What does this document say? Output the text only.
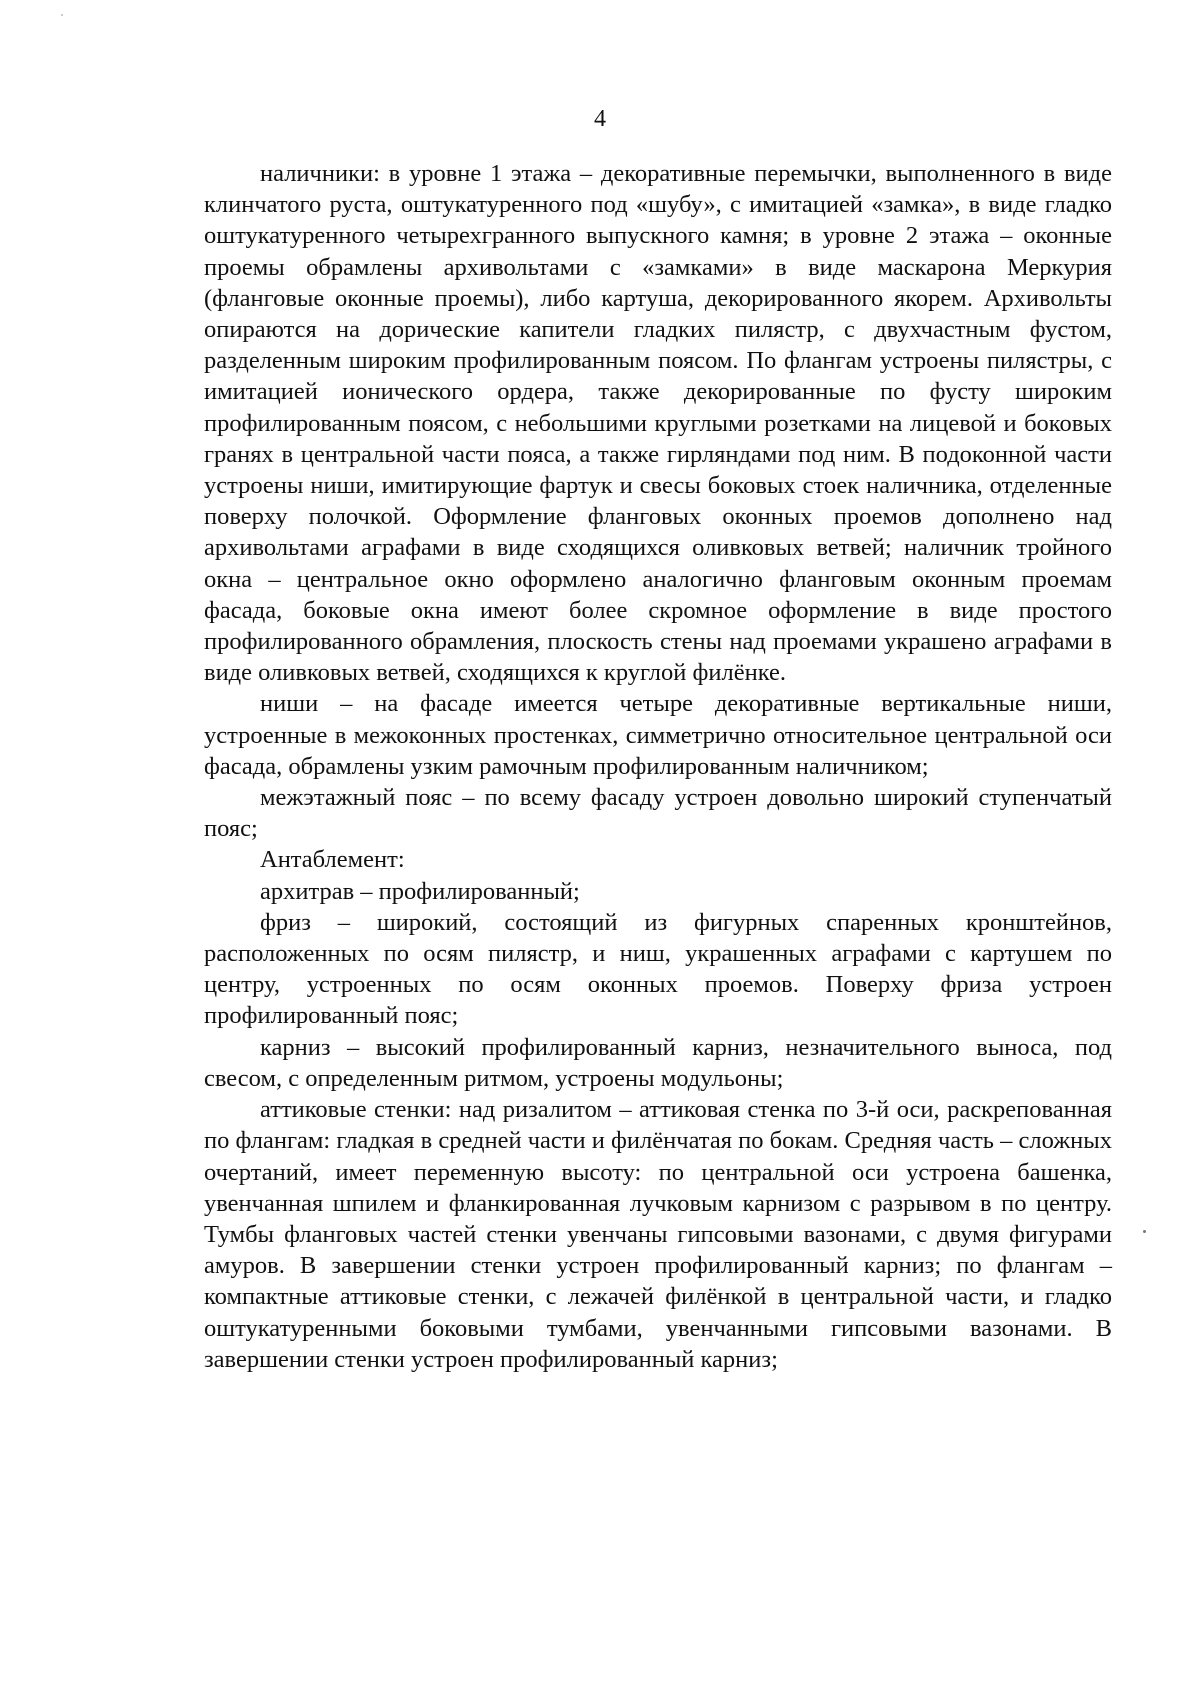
4

наличники: в уровне 1 этажа – декоративные перемычки, выполненного в виде клинчатого руста, оштукатуренного под «шубу», с имитацией «замка», в виде гладко оштукатуренного четырехгранного выпускного камня; в уровне 2 этажа – оконные проемы обрамлены архивольтами с «замками» в виде маскарона Меркурия (фланговые оконные проемы), либо картуша, декорированного якорем. Архивольты опираются на дорические капители гладких пилястр, с двухчастным фустом, разделенным широким профилированным поясом. По флангам устроены пилястры, с имитацией ионического ордера, также декорированные по фусту широким профилированным поясом, с небольшими круглыми розетками на лицевой и боковых гранях в центральной части пояса, а также гирляндами под ним. В подоконной части устроены ниши, имитирующие фартук и свесы боковых стоек наличника, отделенные поверху полочкой. Оформление фланговых оконных проемов дополнено над архивольтами аграфами в виде сходящихся оливковых ветвей; наличник тройного окна – центральное окно оформлено аналогично фланговым оконным проемам фасада, боковые окна имеют более скромное оформление в виде простого профилированного обрамления, плоскость стены над проемами украшено аграфами в виде оливковых ветвей, сходящихся к круглой филёнке.

ниши – на фасаде имеется четыре декоративные вертикальные ниши, устроенные в межоконных простенках, симметрично относительное центральной оси фасада, обрамлены узким рамочным профилированным наличником;

межэтажный пояс – по всему фасаду устроен довольно широкий ступенчатый пояс;

Антаблемент:

архитрав – профилированный;

фриз – широкий, состоящий из фигурных спаренных кронштейнов, расположенных по осям пилястр, и ниш, украшенных аграфами с картушем по центру, устроенных по осям оконных проемов. Поверху фриза устроен профилированный пояс;

карниз – высокий профилированный карниз, незначительного выноса, под свесом, с определенным ритмом, устроены модульоны;

аттиковые стенки: над ризалитом – аттиковая стенка по 3-й оси, раскрепованная по флангам: гладкая в средней части и филёнчатая по бокам. Средняя часть – сложных очертаний, имеет переменную высоту: по центральной оси устроена башенка, увенчанная шпилем и фланкированная лучковым карнизом с разрывом в по центру. Тумбы фланговых частей стенки увенчаны гипсовыми вазонами, с двумя фигурами амуров. В завершении стенки устроен профилированный карниз; по флангам – компактные аттиковые стенки, с лежачей филёнкой в центральной части, и гладко оштукатуренными боковыми тумбами, увенчанными гипсовыми вазонами. В завершении стенки устроен профилированный карниз;
